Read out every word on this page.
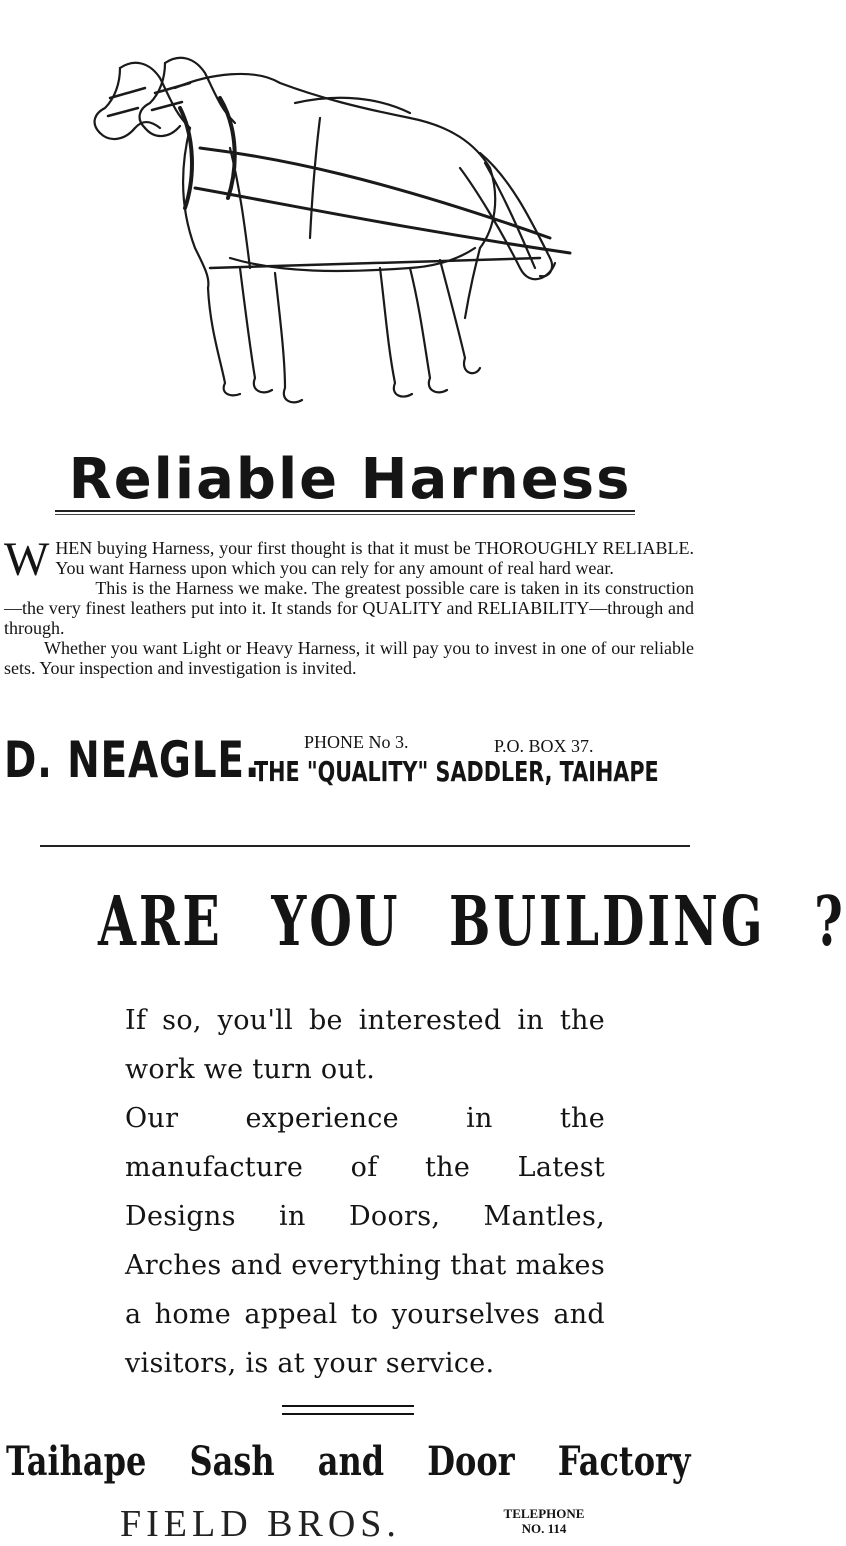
Reliable Harness

WHEN buying Harness, your first thought is that it must be THOROUGHLY RELIABLE. You want Harness upon which you can rely for any amount of real hard wear.

This is the Harness we make. The greatest possible care is taken in its construction—the very finest leathers put into it. It stands for QUALITY and RELIABILITY—through and through.

Whether you want Light or Heavy Harness, it will pay you to invest in one of our reliable sets. Your inspection and investigation is invited.

D. NEAGLE. PHONE No 3.	P.O. BOX 37.
THE "QUALITY" SADDLER, TAIHAPE
ARE YOU BUILDING ?

If so, you'll be interested in the work we turn out.

Our experience in the manufacture of the Latest Designs in Doors, Mantles, Arches and everything that makes a home appeal to yourselves and visitors, is at your service.

Taihape Sash and Door Factory
FIELD BROS.	TELEPHONE
NO. 114
